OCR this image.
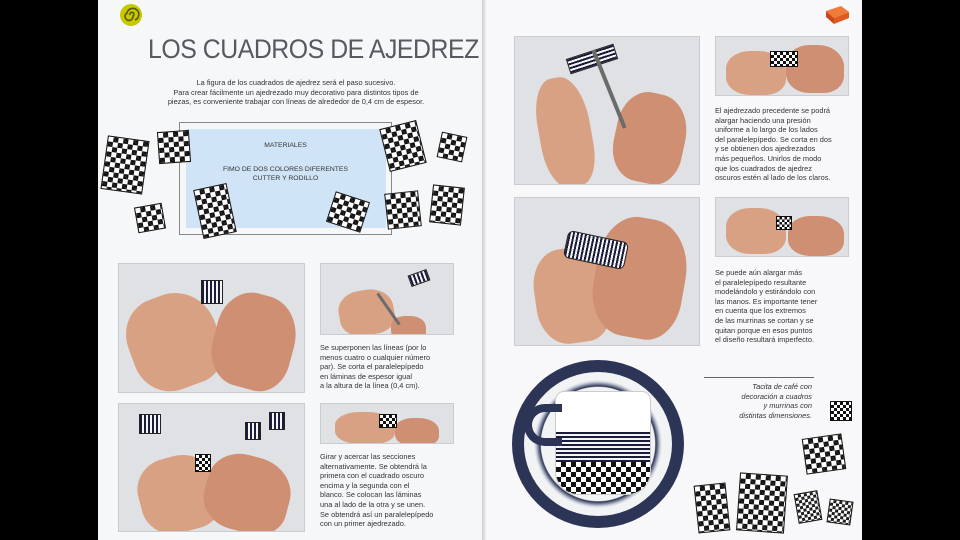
LOS CUADROS DE AJEDREZ
La figura de los cuadrados de ajedrez será el paso sucesivo.
Para crear fácilmente un ajedrezado muy decorativo para distintos tipos de
piezas, es conveniente trabajar con líneas de alrededor de 0,4 cm de espesor.
MATERIALES
FIMO DE DOS COLORES DIFERENTES
CUTTER Y RODILLO
Se superponen las líneas (por lo
menos cuatro o cualquier número
par). Se corta el paralelepípedo
en láminas de espesor igual
a la altura de la línea (0,4 cm).
Girar y acercar las secciones
alternativamente. Se obtendrá la
primera con el cuadrado oscuro
encima y la segunda con el
blanco. Se colocan las láminas
una al lado de la otra y se unen.
Se obtendrá así un paralelepípedo
con un primer ajedrezado.
El ajedrezado precedente se podrá
alargar haciendo una presión
uniforme a lo largo de los lados
del paralelepípedo. Se corta en dos
y se obtienen dos ajedrezados
más pequeños. Unirlos de modo
que los cuadrados de ajedrez
oscuros estén al lado de los claros.
Se puede aún alargar más
el paralelepípedo resultante
modelándolo y estirándolo con
las manos. Es importante tener
en cuenta que los extremos
de las murrinas se cortan y se
quitan porque en esos puntos
el diseño resultará imperfecto.
Tacita de café con
decoración a cuadros
y murrinas con
distintas dimensiones.
